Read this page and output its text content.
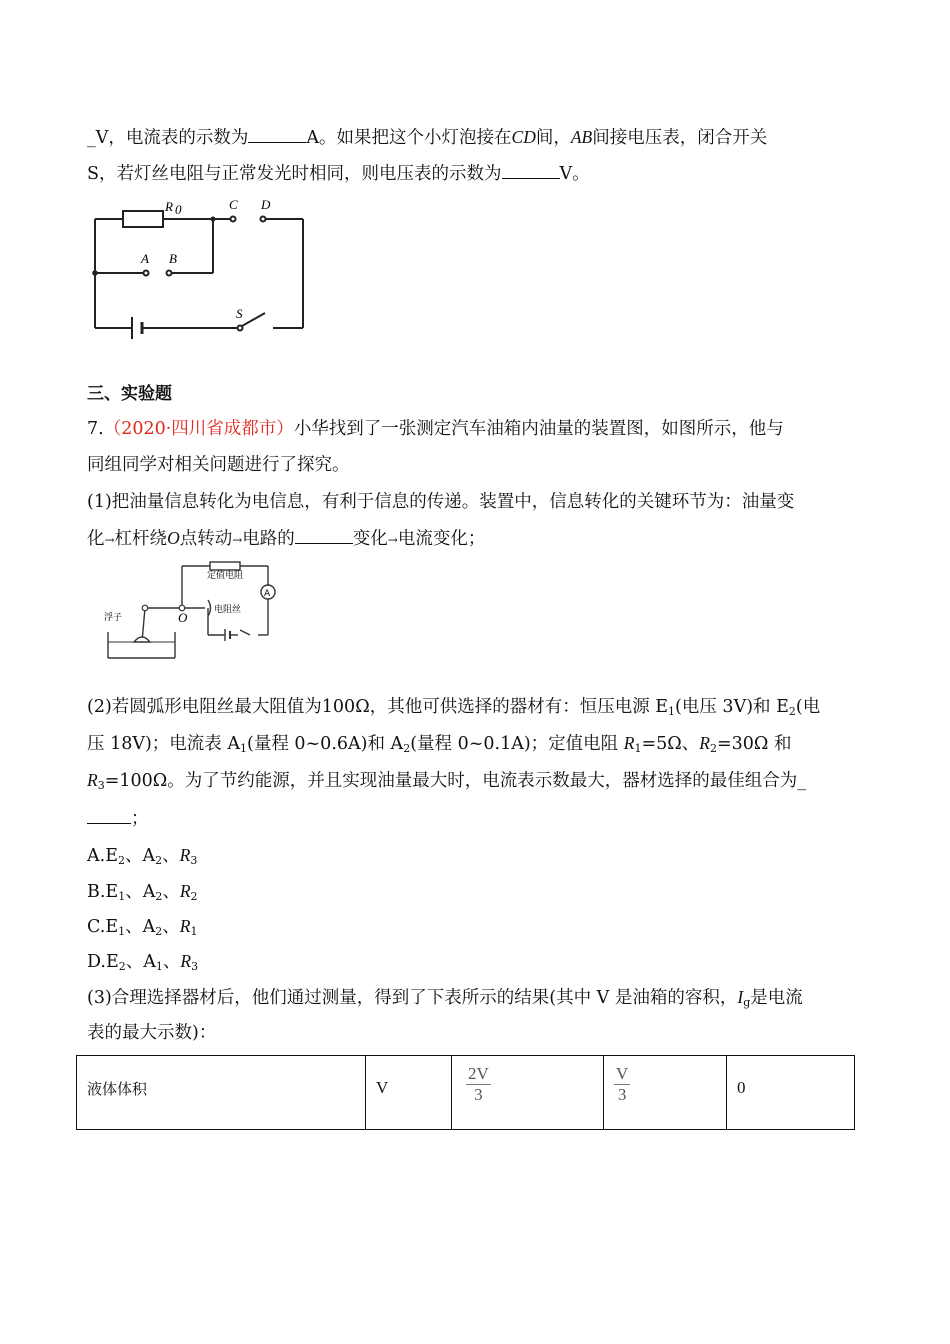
_V，电流表的示数为	A。如果把这个小灯泡接在CD间，AB间接电压表，闭合开关
S，若灯丝电阻与正常发光时相同，则电压表的示数为	V。
R 0	C D
A B
S
三、实验题
7.（2020·四川省成都市）小华找到了一张测定汽车油箱内油量的装置图，如图所示，他与
同组同学对相关问题进行了探究。
(1)把油量信息转化为电信息，有利于信息的传递。装置中，信息转化的关键环节为：油量变
化→杠杆绕O点转动→电路的	变化→电流变化；
定值电阻
A
浮子	O	电阻丝
(2)若圆弧形电阻丝最大阻值为100Ω，其他可供选择的器材有：恒压电源 $E_1$(电压 3V)和 $E_2$(电
压 18V)；电流表 $A_1$(量程 0~0.6A)和 $A_2$(量程 0~0.1A)；定值电阻 $R_1=5\Omega$、$R_2=30\Omega$ 和
$R_3=100\Omega$。为了节约能源，并且实现油量最大时，电流表示数最大，器材选择的最佳组合为_
；
$A.E_2$、$A_2$、$R_3$
$B.E_1$、$A_2$、$R_2$
$C.E_1$、$A_2$、$R_1$
$D.E_2$、$A_1$、$R_3$
(3)合理选择器材后，他们通过测量，得到了下表所示的结果(其中 V 是油箱的容积，$I_g$是电流
表的最大示数)：
液体体积	V	$\frac{2V}{3}$	$\frac{V}{3}$	0
